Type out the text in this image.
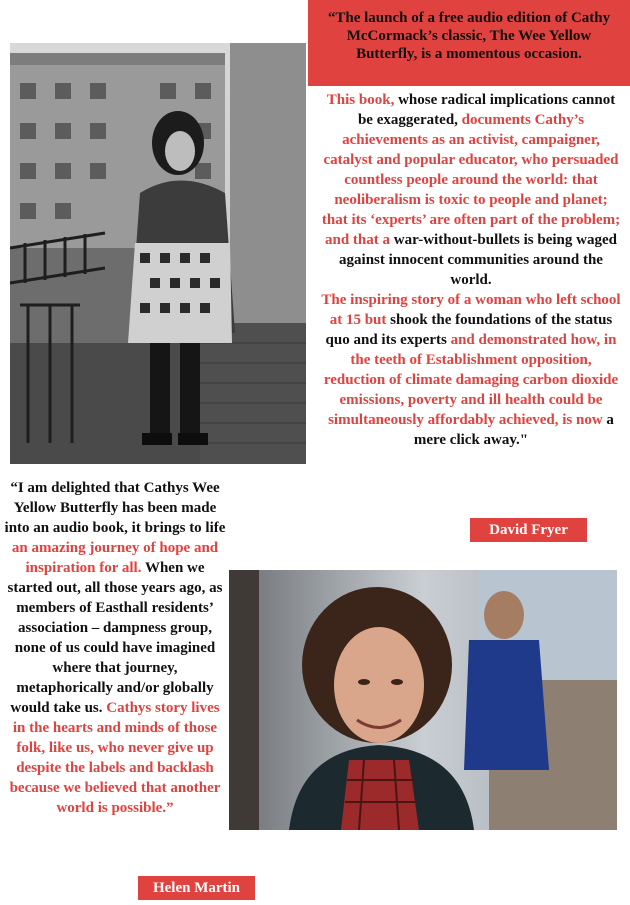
“The launch of a free audio edition of Cathy McCormack’s classic, The Wee Yellow Butterfly, is a momentous occasion.

This book, whose radical implications cannot be exaggerated, documents Cathy’s achievements as an activist, campaigner, catalyst and popular educator, who persuaded countless people around the world: that neoliberalism is toxic to people and planet; that its ‘experts’ are often part of the problem; and that a war-without-bullets is being waged against innocent communities around the world.

The inspiring story of a woman who left school at 15 but shook the foundations of the status quo and its experts and demonstrated how, in the teeth of Establishment opposition, reduction of climate damaging carbon dioxide emissions, poverty and ill health could be simultaneously affordably achieved, is now a mere click away."

David Fryer
“I am delighted that Cathys Wee Yellow Butterfly has been made into an audio book, it brings to life an amazing journey of hope and inspiration for all. When we started out, all those years ago, as members of Easthall residents’ association – dampness group, none of us could have imagined where that journey, metaphorically and/or globally would take us. Cathys story lives in the hearts and minds of those folk, like us, who never give up despite the labels and backlash because we believed that another world is possible.”
Helen Martin
